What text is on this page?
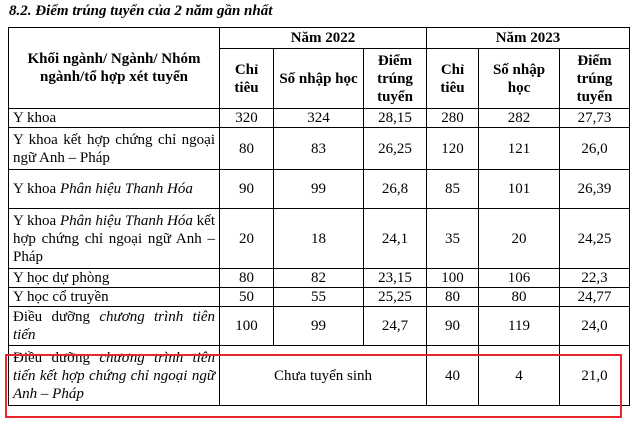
8.2. Điểm trúng tuyển của 2 năm gần nhất
Khối ngành/ Ngành/ Nhóm ngành/tổ hợp xét tuyển	Năm 2022			Năm 2023		
	Chỉ tiêu	Số nhập học	Điểm trúng tuyển	Chỉ tiêu	Số nhập học	Điểm trúng tuyển
Y khoa	320	324	28,15	280	282	27,73
Y khoa kết hợp chứng chỉ ngoại ngữ Anh – Pháp	80	83	26,25	120	121	26,0
Y khoa Phân hiệu Thanh Hóa	90	99	26,8	85	101	26,39
Y khoa Phân hiệu Thanh Hóa kết hợp chứng chỉ ngoại ngữ Anh – Pháp	20	18	24,1	35	20	24,25
Y học dự phòng	80	82	23,15	100	106	22,3
Y học cổ truyền	50	55	25,25	80	80	24,77
Điều dưỡng chương trình tiên tiến	100	99	24,7	90	119	24,0
Điều dưỡng chương trình tiên tiến kết hợp chứng chỉ ngoại ngữ Anh – Pháp	Chưa tuyển sinh			40	4	21,0
